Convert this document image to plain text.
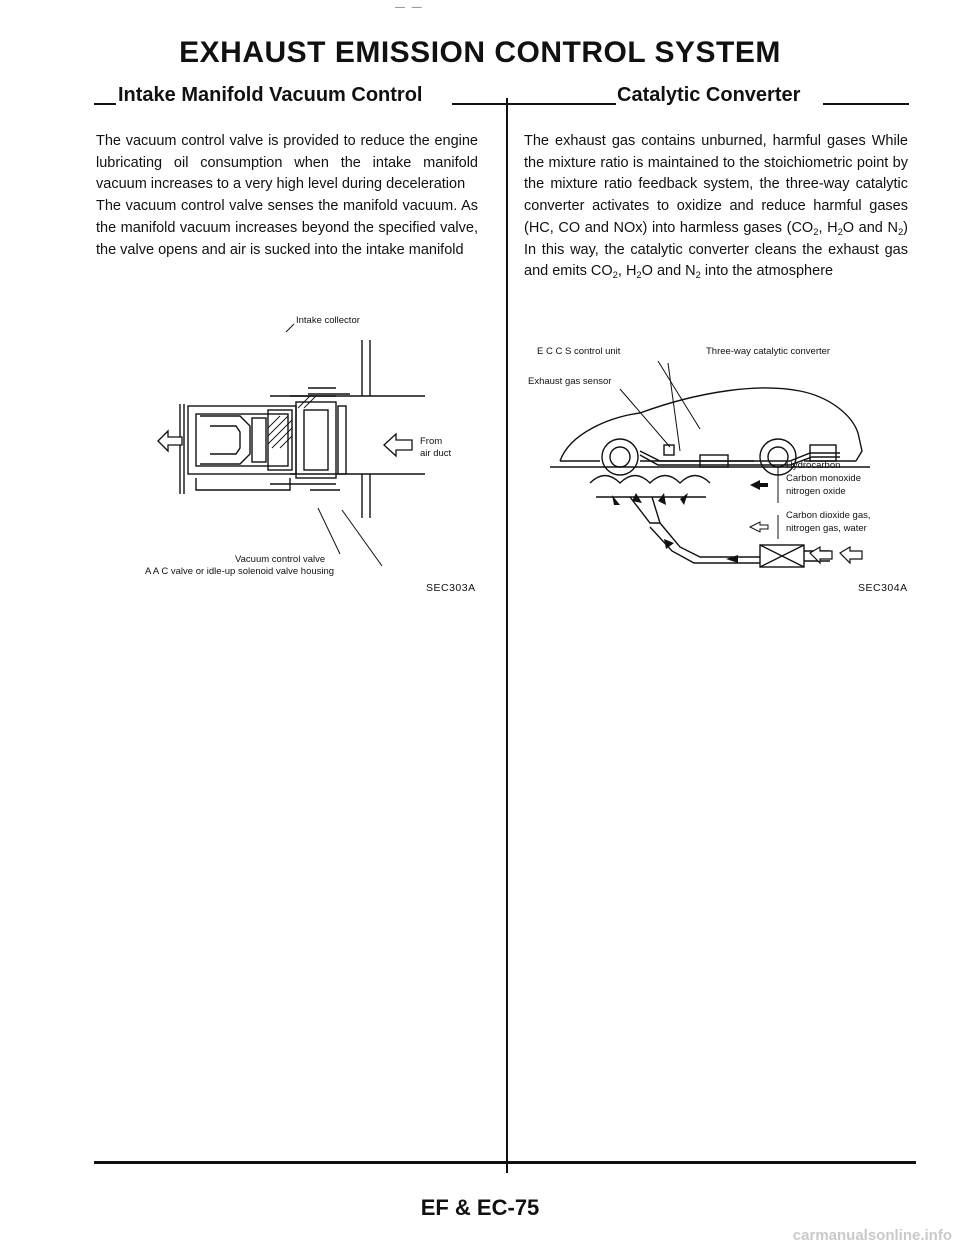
— —
EXHAUST EMISSION CONTROL SYSTEM
Intake Manifold Vacuum Control	Catalytic Converter
The vacuum control valve is provided to reduce the engine lubricating oil consumption when the intake manifold vacuum increases to a very high level during deceleration
The vacuum control valve senses the manifold vacuum. As the manifold vacuum increases beyond the specified valve, the valve opens and air is sucked into the intake manifold
The exhaust gas contains unburned, harmful gases While the mixture ratio is maintained to the stoichiometric point by the mixture ratio feedback system, the three-way catalytic converter activates to oxidize and reduce harmful gases (HC, CO and NOx) into harmless gases ($CO_2$, $H_2O$ and $N_2$) In this way, the catalytic converter cleans the exhaust gas and emits $CO_2$, $H_2O$ and $N_2$ into the atmosphere
Intake collector
From
air duct
Vacuum control valve
A A C valve or idle-up solenoid valve housing
SEC303A
E C C S control unit	Three-way catalytic converter
Exhaust gas sensor
Hydrocarbon
Carbon monoxide
nitrogen oxide
Carbon dioxide gas,
nitrogen gas, water
SEC304A
EF & EC-75
carmanualsonline.info
